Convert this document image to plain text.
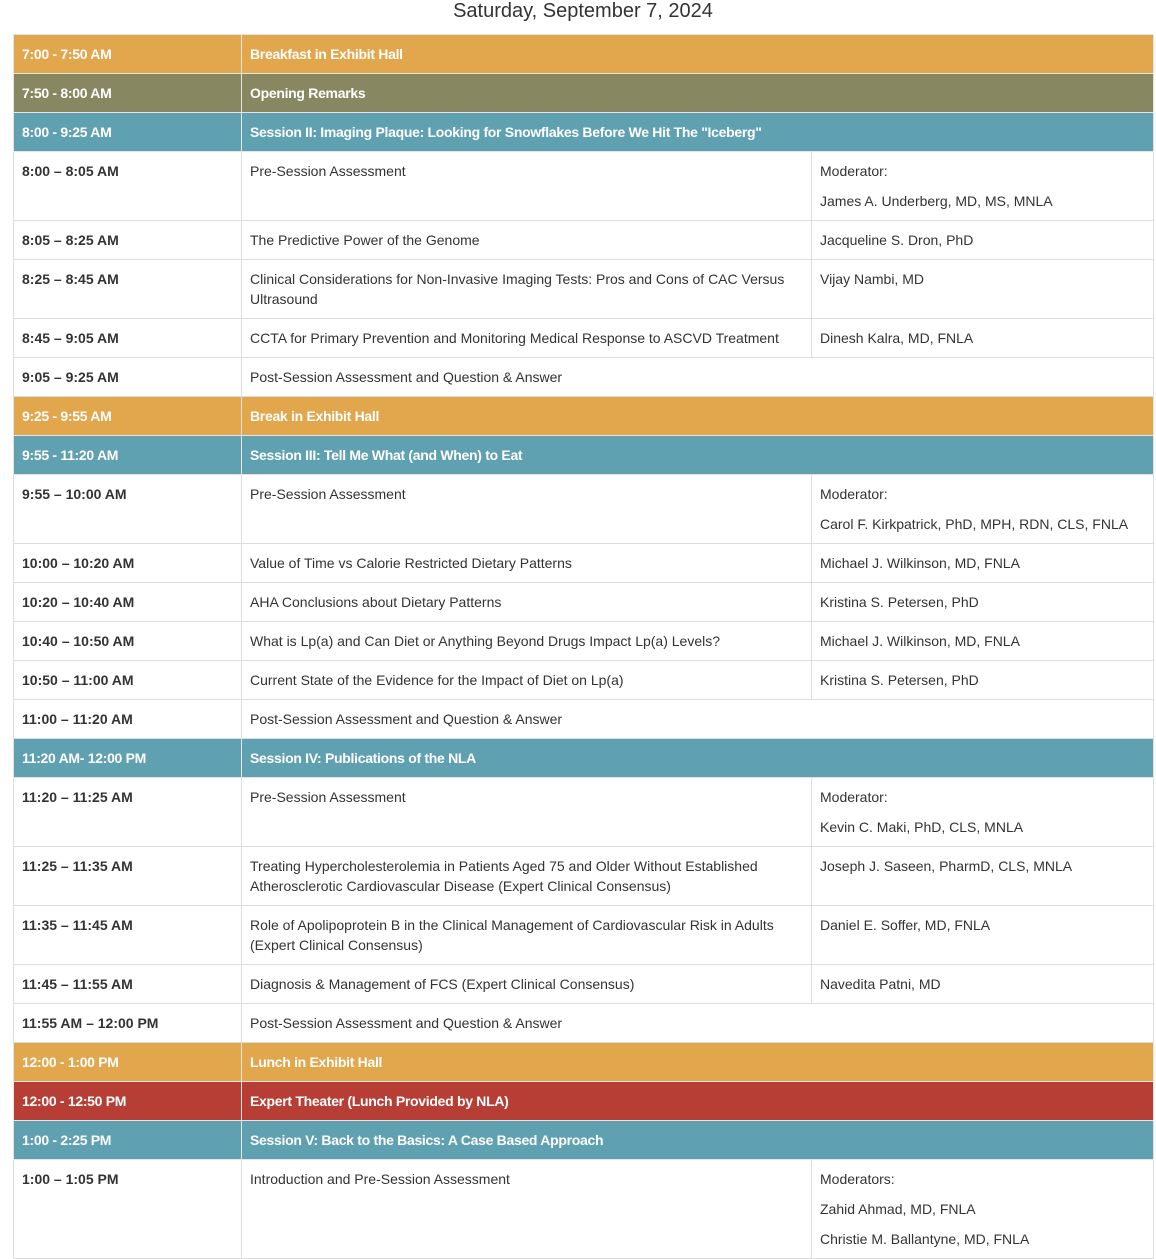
Saturday, September 7, 2024
7:00 - 7:50 AM	Breakfast in Exhibit Hall	
7:50 - 8:00 AM	Opening Remarks	
8:00 - 9:25 AM	Session II: Imaging Plaque: Looking for Snowflakes Before We Hit The "Iceberg"	
8:00 – 8:05 AM	Pre-Session Assessment	Moderator:
James A. Underberg, MD, MS, MNLA

8:05 – 8:25 AM	The Predictive Power of the Genome	Jacqueline S. Dron, PhD

8:25 – 8:45 AM	Clinical Considerations for Non-Invasive Imaging Tests: Pros and Cons of CAC Versus Ultrasound	Vijay Nambi, MD

8:45 – 9:05 AM	CCTA for Primary Prevention and Monitoring Medical Response to ASCVD Treatment	Dinesh Kalra, MD, FNLA

9:05 – 9:25 AM	Post-Session Assessment and Question & Answer	
9:25 - 9:55 AM	Break in Exhibit Hall	
9:55 - 11:20 AM	Session III: Tell Me What (and When) to Eat	
9:55 – 10:00 AM	Pre-Session Assessment	Moderator:
Carol F. Kirkpatrick, PhD, MPH, RDN, CLS, FNLA

10:00 – 10:20 AM	Value of Time vs Calorie Restricted Dietary Patterns	Michael J. Wilkinson, MD, FNLA

10:20 – 10:40 AM	AHA Conclusions about Dietary Patterns	Kristina S. Petersen, PhD

10:40 – 10:50 AM	What is Lp(a) and Can Diet or Anything Beyond Drugs Impact Lp(a) Levels?	Michael J. Wilkinson, MD, FNLA

10:50 – 11:00 AM	Current State of the Evidence for the Impact of Diet on Lp(a)	Kristina S. Petersen, PhD

11:00 – 11:20 AM	Post-Session Assessment and Question & Answer	
11:20 AM- 12:00 PM	Session IV: Publications of the NLA	
11:20 – 11:25 AM	Pre-Session Assessment	Moderator:
Kevin C. Maki, PhD, CLS, MNLA

11:25 – 11:35 AM	Treating Hypercholesterolemia in Patients Aged 75 and Older Without Established Atherosclerotic Cardiovascular Disease (Expert Clinical Consensus)	Joseph J. Saseen, PharmD, CLS, MNLA

11:35 – 11:45 AM	Role of Apolipoprotein B in the Clinical Management of Cardiovascular Risk in Adults (Expert Clinical Consensus)	Daniel E. Soffer, MD, FNLA

11:45 – 11:55 AM	Diagnosis & Management of FCS (Expert Clinical Consensus)	Navedita Patni, MD

11:55 AM – 12:00 PM	Post-Session Assessment and Question & Answer	
12:00 - 1:00 PM	Lunch in Exhibit Hall	
12:00 - 12:50 PM	Expert Theater (Lunch Provided by NLA)	
1:00 - 2:25 PM	Session V: Back to the Basics: A Case Based Approach	
1:00 – 1:05 PM	Introduction and Pre-Session Assessment	Moderators:
Zahid Ahmad, MD, FNLA
Christie M. Ballantyne, MD, FNLA
